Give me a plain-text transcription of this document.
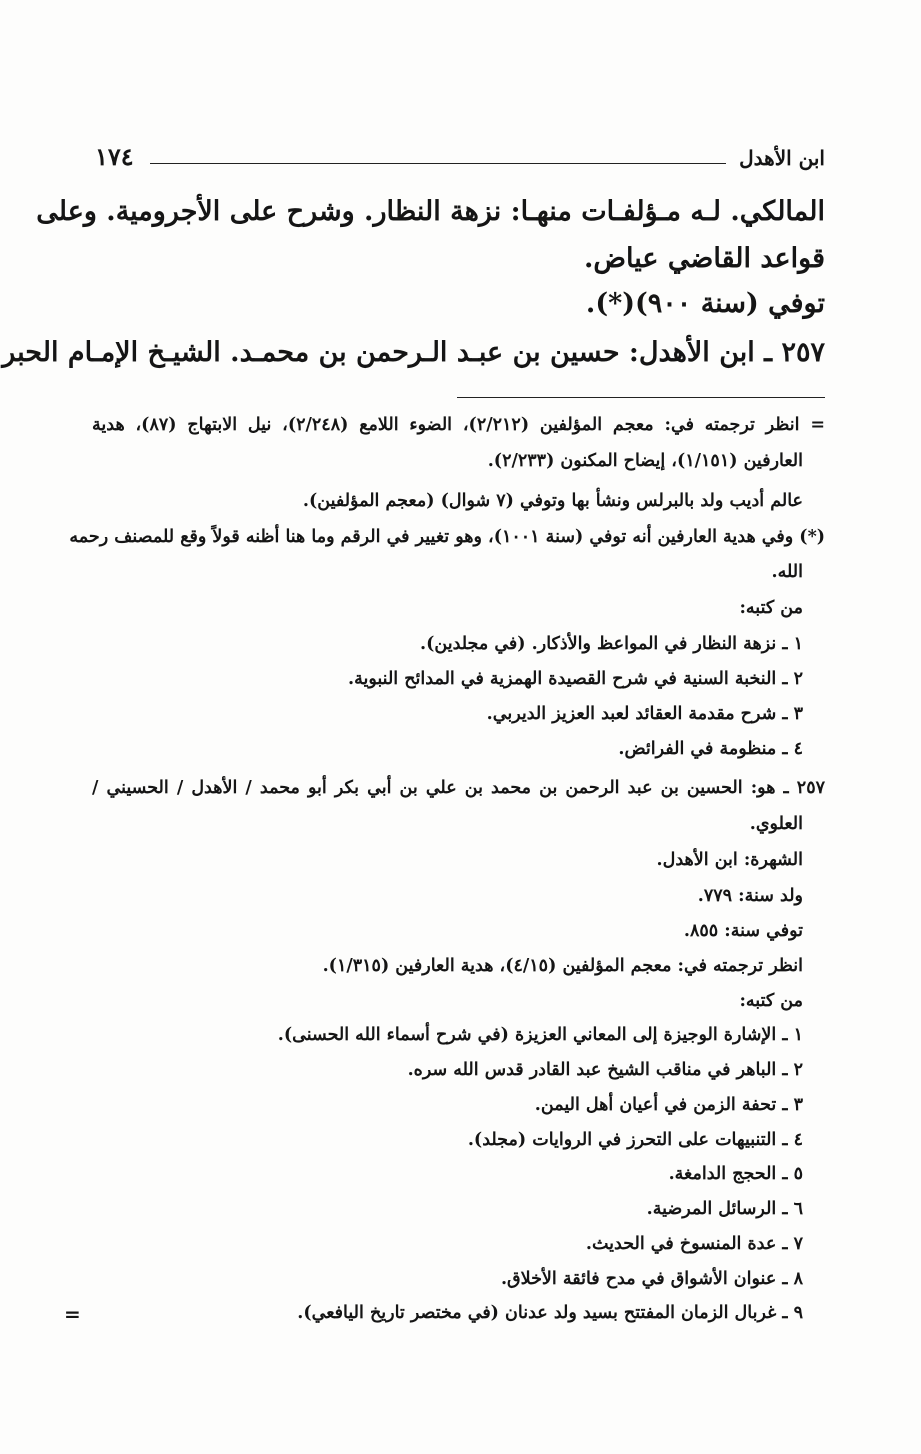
ابن الأهدل
١٧٤
المالكي. لـه مـؤلفـات منهـا: نزهة النظار. وشرح على الأجرومية. وعلى
قواعد القاضي عياض.
توفي (سنة ٩٠٠)(*).
٢٥٧ ـ ابن الأهدل: حسين بن عبـد الـرحمن بن محمـد. الشيـخ الإمـام الحبر
= انظر ترجمته في: معجم المؤلفين (٢/٢١٢)، الضوء اللامع (٢/٢٤٨)، نيل الابتهاج (٨٧)، هدية
العارفين (١/١٥١)، إيضاح المكنون (٢/٢٣٣).
عالم أديب ولد بالبرلس ونشأ بها وتوفي (٧ شوال) (معجم المؤلفين).
(*) وفي هدية العارفين أنه توفي (سنة ١٠٠١)، وهو تغيير في الرقم وما هنا أظنه قولاً وقع للمصنف رحمه
الله.
من كتبه:
١ ـ نزهة النظار في المواعظ والأذكار. (في مجلدين).
٢ ـ النخبة السنية في شرح القصيدة الهمزية في المدائح النبوية.
٣ ـ شرح مقدمة العقائد لعبد العزيز الديربي.
٤ ـ منظومة في الفرائض.
٢٥٧ ـ هو: الحسين بن عبد الرحمن بن محمد بن علي بن أبي بكر أبو محمد / الأهدل / الحسيني /
العلوي.
الشهرة: ابن الأهدل.
ولد سنة: ٧٧٩.
توفي سنة: ٨٥٥.
انظر ترجمته في: معجم المؤلفين (٤/١٥)، هدية العارفين (١/٣١٥).
من كتبه:
١ ـ الإشارة الوجيزة إلى المعاني العزيزة (في شرح أسماء الله الحسنى).
٢ ـ الباهر في مناقب الشيخ عبد القادر قدس الله سره.
٣ ـ تحفة الزمن في أعيان أهل اليمن.
٤ ـ التنبيهات على التحرز في الروايات (مجلد).
٥ ـ الحجج الدامغة.
٦ ـ الرسائل المرضية.
٧ ـ عدة المنسوخ في الحديث.
٨ ـ عنوان الأشواق في مدح فائقة الأخلاق.
٩ ـ غربال الزمان المفتتح بسيد ولد عدنان (في مختصر تاريخ اليافعي).
=
